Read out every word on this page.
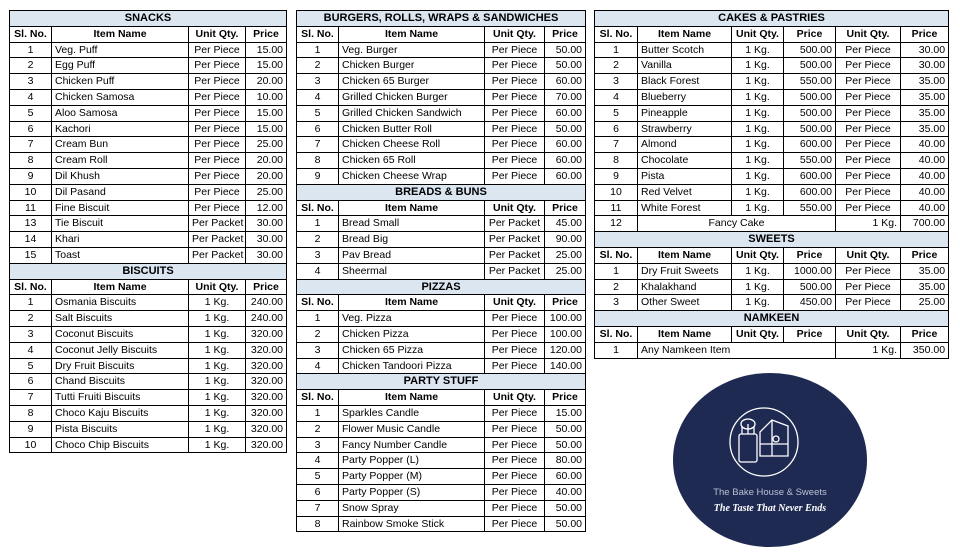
SNACKS			
Sl. No.	Item Name	Unit Qty.	Price
1	Veg. Puff	Per Piece	15.00
2	Egg Puff	Per Piece	15.00
3	Chicken Puff	Per Piece	20.00
4	Chicken Samosa	Per Piece	10.00
5	Aloo Samosa	Per Piece	15.00
6	Kachori	Per Piece	15.00
7	Cream Bun	Per Piece	25.00
8	Cream Roll	Per Piece	20.00
9	Dil Khush	Per Piece	20.00
10	Dil Pasand	Per Piece	25.00
11	Fine Biscuit	Per Piece	12.00
13	Tie Biscuit	Per Packet	30.00
14	Khari	Per Packet	30.00
15	Toast	Per Packet	30.00
BISCUITS			
Sl. No.	Item Name	Unit Qty.	Price
1	Osmania Biscuits	1 Kg.	240.00
2	Salt Biscuits	1 Kg.	240.00
3	Coconut Biscuits	1 Kg.	320.00
4	Coconut Jelly Biscuits	1 Kg.	320.00
5	Dry Fruit Biscuits	1 Kg.	320.00
6	Chand Biscuits	1 Kg.	320.00
7	Tutti Fruiti Biscuits	1 Kg.	320.00
8	Choco Kaju Biscuits	1 Kg.	320.00
9	Pista Biscuits	1 Kg.	320.00
10	Choco Chip Biscuits	1 Kg.	320.00
BURGERS, ROLLS, WRAPS & SANDWICHES			
Sl. No.	Item Name	Unit Qty.	Price
1	Veg. Burger	Per Piece	50.00
2	Chicken Burger	Per Piece	50.00
3	Chicken 65 Burger	Per Piece	60.00
4	Grilled Chicken Burger	Per Piece	70.00
5	Grilled Chicken Sandwich	Per Piece	60.00
6	Chicken Butter Roll	Per Piece	50.00
7	Chicken Cheese Roll	Per Piece	60.00
8	Chicken 65 Roll	Per Piece	60.00
9	Chicken Cheese Wrap	Per Piece	60.00
BREADS & BUNS			
Sl. No.	Item Name	Unit Qty.	Price
1	Bread Small	Per Packet	45.00
2	Bread Big	Per Packet	90.00
3	Pav Bread	Per Packet	25.00
4	Sheermal	Per Packet	25.00
PIZZAS			
Sl. No.	Item Name	Unit Qty.	Price
1	Veg. Pizza	Per Piece	100.00
2	Chicken Pizza	Per Piece	100.00
3	Chicken 65 Pizza	Per Piece	120.00
4	Chicken Tandoori Pizza	Per Piece	140.00
PARTY STUFF			
Sl. No.	Item Name	Unit Qty.	Price
1	Sparkles Candle	Per Piece	15.00
2	Flower Music Candle	Per Piece	50.00
3	Fancy Number Candle	Per Piece	50.00
4	Party Popper (L)	Per Piece	80.00
5	Party Popper (M)	Per Piece	60.00
6	Party Popper (S)	Per Piece	40.00
7	Snow Spray	Per Piece	50.00
8	Rainbow Smoke Stick	Per Piece	50.00
CAKES & PASTRIES					
Sl. No.	Item Name	Unit Qty.	Price	Unit Qty.	Price
1	Butter Scotch	1 Kg.	500.00	Per Piece	30.00
2	Vanilla	1 Kg.	500.00	Per Piece	30.00
3	Black Forest	1 Kg.	550.00	Per Piece	35.00
4	Blueberry	1 Kg.	500.00	Per Piece	35.00
5	Pineapple	1 Kg.	500.00	Per Piece	35.00
6	Strawberry	1 Kg.	500.00	Per Piece	35.00
7	Almond	1 Kg.	600.00	Per Piece	40.00
8	Chocolate	1 Kg.	550.00	Per Piece	40.00
9	Pista	1 Kg.	600.00	Per Piece	40.00
10	Red Velvet	1 Kg.	600.00	Per Piece	40.00
11	White Forest	1 Kg.	550.00	Per Piece	40.00
12	Fancy Cake			1 Kg.	700.00
SWEETS					
Sl. No.	Item Name	Unit Qty.	Price	Unit Qty.	Price
1	Dry Fruit Sweets	1 Kg.	1000.00	Per Piece	35.00
2	Khalakhand	1 Kg.	500.00	Per Piece	35.00
3	Other Sweet	1 Kg.	450.00	Per Piece	25.00
NAMKEEN					
Sl. No.	Item Name	Unit Qty.	Price	Unit Qty.	Price
1	Any Namkeen Item			1 Kg.	350.00
The Bake House & Sweets
The Taste That Never Ends
